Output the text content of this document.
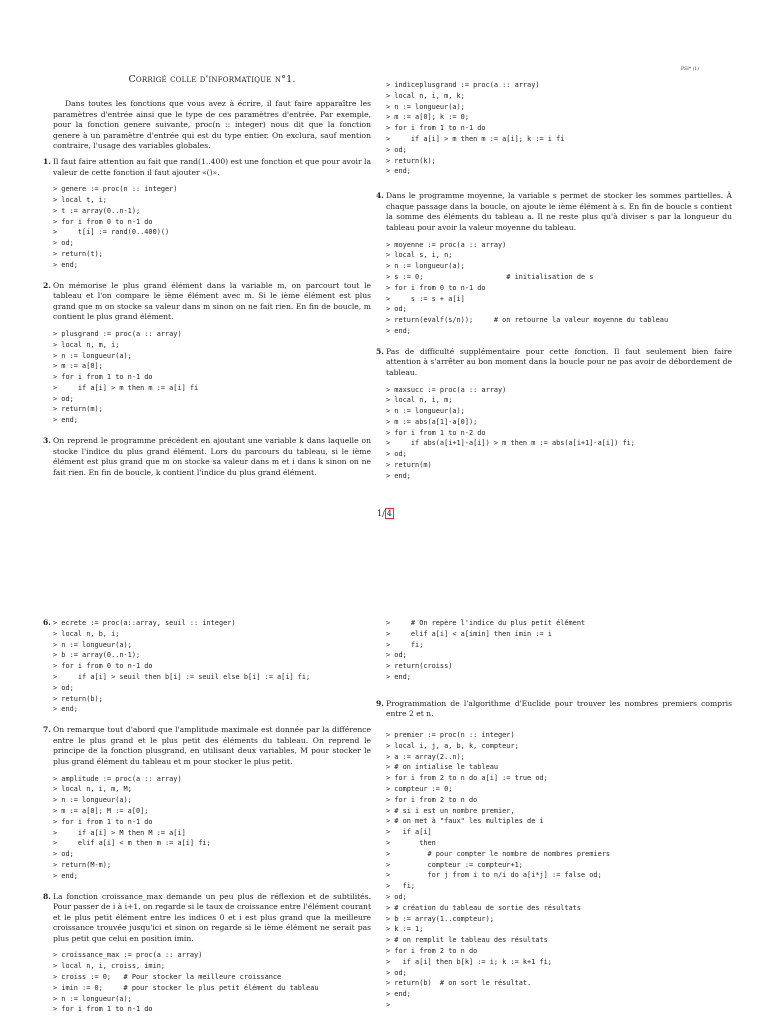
PSI* (1)

Corrigé colle d'informatique n°1.

Dans toutes les fonctions que vous avez à écrire, il faut faire apparaître les paramètres d'entrée ainsi que le type de ces paramètres d'entrée. Par exemple, pour la fonction genere suivante, proc(n :: integer) nous dit que la fonction genere à un paramètre d'entrée qui est du type entier. On exclura, sauf mention contraire, l'usage des variables globales.

1. Il faut faire attention au fait que rand(1..400) est une fonction et que pour avoir la valeur de cette fonction il faut ajouter «()».

> genere := proc(n :: integer)
> local t, i;
> t := array(0..n-1);
> for i from 0 to n-1 do
>     t[i] := rand(0..400)()
> od;
> return(t);
> end;
2. On mémorise le plus grand élément dans la variable m, on parcourt tout le tableau et l'on compare le ième élément avec m. Si le ième élément est plus grand que m on stocke sa valeur dans m sinon on ne fait rien. En fin de boucle, m contient le plus grand élément.

> plusgrand := proc(a :: array)
> local n, m, i;
> n := longueur(a);
> m := a[0];
> for i from 1 to n-1 do
>     if a[i] > m then m := a[i] fi
> od;
> return(m);
> end;
3. On reprend le programme précédent en ajoutant une variable k dans laquelle on stocke l'indice du plus grand élément. Lors du parcours du tableau, si le ième élément est plus grand que m on stocke sa valeur dans m et i dans k sinon on ne fait rien. En fin de boucle, k contient l'indice du plus grand élément.

> indiceplusgrand := proc(a :: array)
> local n, i, m, k;
> n := longueur(a);
> m := a[0]; k := 0;
> for i from 1 to n-1 do
>     if a[i] > m then m := a[i]; k := i fi
> od;
> return(k);
> end;
4. Dans le programme moyenne, la variable s permet de stocker les sommes partielles. À chaque passage dans la boucle, on ajoute le ième élément à s. En fin de boucle s contient la somme des éléments du tableau a. Il ne reste plus qu'à diviser s par la longueur du tableau pour avoir la valeur moyenne du tableau.

> moyenne := proc(a :: array)
> local s, i, n;
> n := longueur(a);
> s := 0;                    # initialisation de s
> for i from 0 to n-1 do
>     s := s + a[i]
> od;
> return(evalf(s/n));     # on retourne la valeur moyenne du tableau
> end;
5. Pas de difficulté supplémentaire pour cette fonction. Il faut seulement bien faire attention à s'arrêter au bon moment dans la boucle pour ne pas avoir de débordement de tableau.

> maxsucc := proc(a :: array)
> local n, i, m;
> n := longueur(a);
> m := abs(a[1]-a[0]);
> for i from 1 to n-2 do
>     if abs(a[i+1]-a[i]) > m then m := abs(a[i+1]-a[i]) fi;
> od;
> return(m)
> end;
1/ 4
6. > ecrete := proc(a::array, seuil :: integer)
> local n, b, i;
> n := longueur(a);
> b := array(0..n-1);
> for i from 0 to n-1 do
>     if a[i] > seuil then b[i] := seuil else b[i] := a[i] fi;
> od;
> return(b);
> end;
7. On remarque tout d'abord que l'amplitude maximale est donnée par la différence entre le plus grand et le plus petit des éléments du tableau. On reprend le principe de la fonction plusgrand, en utilisant deux variables, M pour stocker le plus grand élément du tableau et m pour stocker le plus petit.

> amplitude := proc(a :: array)
> local n, i, m, M;
> n := longueur(a);
> m := a[0]; M := a[0];
> for i from 1 to n-1 do
>     if a[i] > M then M := a[i]
>     elif a[i] < m then m := a[i] fi;
> od;
> return(M-m);
> end;
8. La fonction croissance_max demande un peu plus de réflexion et de subtilités. Pour passer de i à i+1, on regarde si le taux de croissance entre l'élément courant et le plus petit élément entre les indices 0 et i est plus grand que la meilleure croissance trouvée jusqu'ici et sinon on regarde si le ième élément ne serait pas plus petit que celui en position imin.

> croissance_max := proc(a :: array)
> local n, i, croiss, imin;
> croiss := 0;   # Pour stocker la meilleure croissance
> imin := 0;     # pour stocker le plus petit élément du tableau
> n := longueur(a);
> for i from 1 to n-1 do
>     # On repère l'indice du plus petit élément
>     elif a[i] < a[imin] then imin := i
>     fi;
> od;
> return(croiss)
> end;
9. Programmation de l'algorithme d'Euclide pour trouver les nombres premiers compris entre 2 et n.

> premier := proc(n :: integer)
> local i, j, a, b, k, compteur;
> a := array(2..n);
> # on intialise le tableau
> for i from 2 to n do a[i] := true od;
> compteur := 0;
> for i from 2 to n do
> # si i est un nombre premier,
> # on met à "faux" les multiples de i
>   if a[i]
>       then
>         # pour compter le nombre de nombres premiers
>         compteur := compteur+1;
>         for j from i to n/i do a[i*j] := false od;
>   fi;
> od;
> # création du tableau de sortie des résultats
> b := array(1..compteur);
> k := 1;
> # on remplit le tableau des résultats
> for i from 2 to n do
>   if a[i] then b[k] := i; k := k+1 fi;
> od;
> return(b)  # on sort le résultat.
> end;
>
